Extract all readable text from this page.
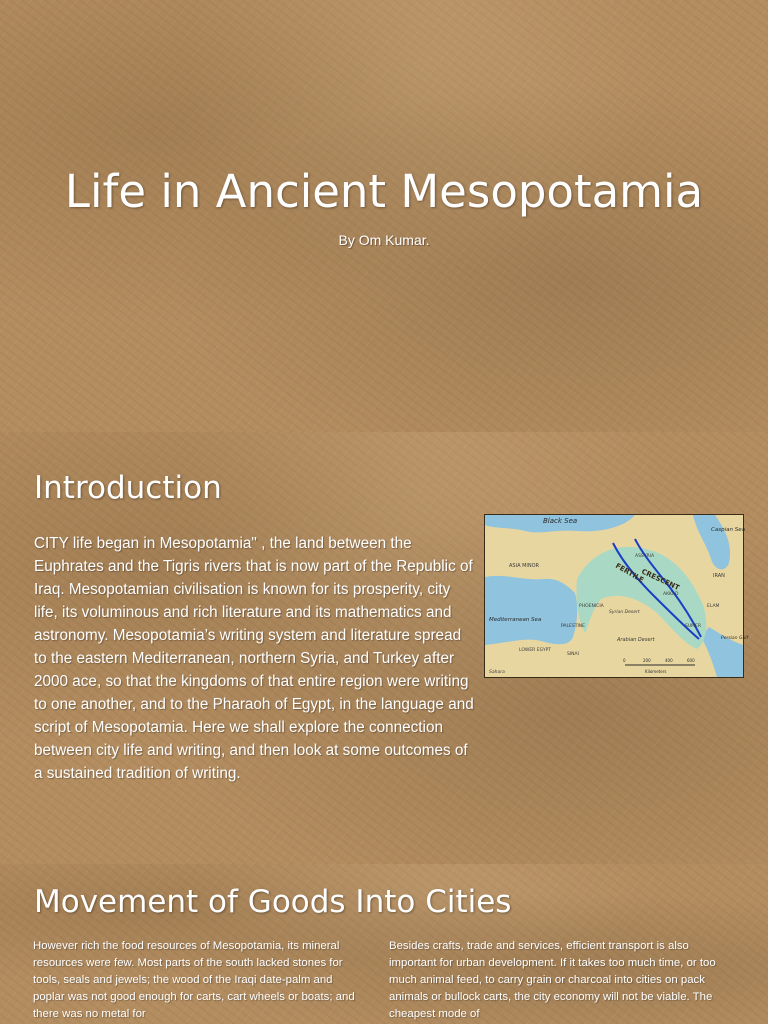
Life in Ancient Mesopotamia
By Om Kumar.
Introduction
CITY life began in Mesopotamia" , the land between the Euphrates and the Tigris rivers that is now part of the Republic of Iraq. Mesopotamian civilisation is known for its prosperity, city life, its voluminous and rich literature and its mathematics and astronomy. Mesopotamia’s writing system and literature spread to the eastern Mediterranean, northern Syria, and Turkey after 2000 ace, so that the kingdoms of that entire region were writing to one another, and to the Pharaoh of Egypt, in the language and script of Mesopotamia. Here we shall explore the connection between city life and writing, and then look at some outcomes of a sustained tradition of writing.
Black Sea
Caspian Sea
Mediterranean Sea
ASIA MINOR	FERTILE
CRESCENT
ASSYRIA
IRAN
ELAM
AKKAD
SUMER
Syrian Desert
Arabian Desert
PHOENICIA
PALESTINE
LOWER EGYPT
SINAI
Persian Gulf
Sahara
0	200	400	600
Kilometers
Movement of Goods Into Cities
However rich the food resources of Mesopotamia, its mineral resources were few. Most parts of the south lacked stones for tools, seals and jewels; the wood of the Iraqi date-palm and poplar was not good enough for carts, cart wheels or boats; and there was no metal for
Besides crafts, trade and services, efficient transport is also important for urban development. If it takes too much time, or too much animal feed, to carry grain or charcoal into cities on pack animals or bullock carts, the city economy will not be viable. The cheapest mode of
